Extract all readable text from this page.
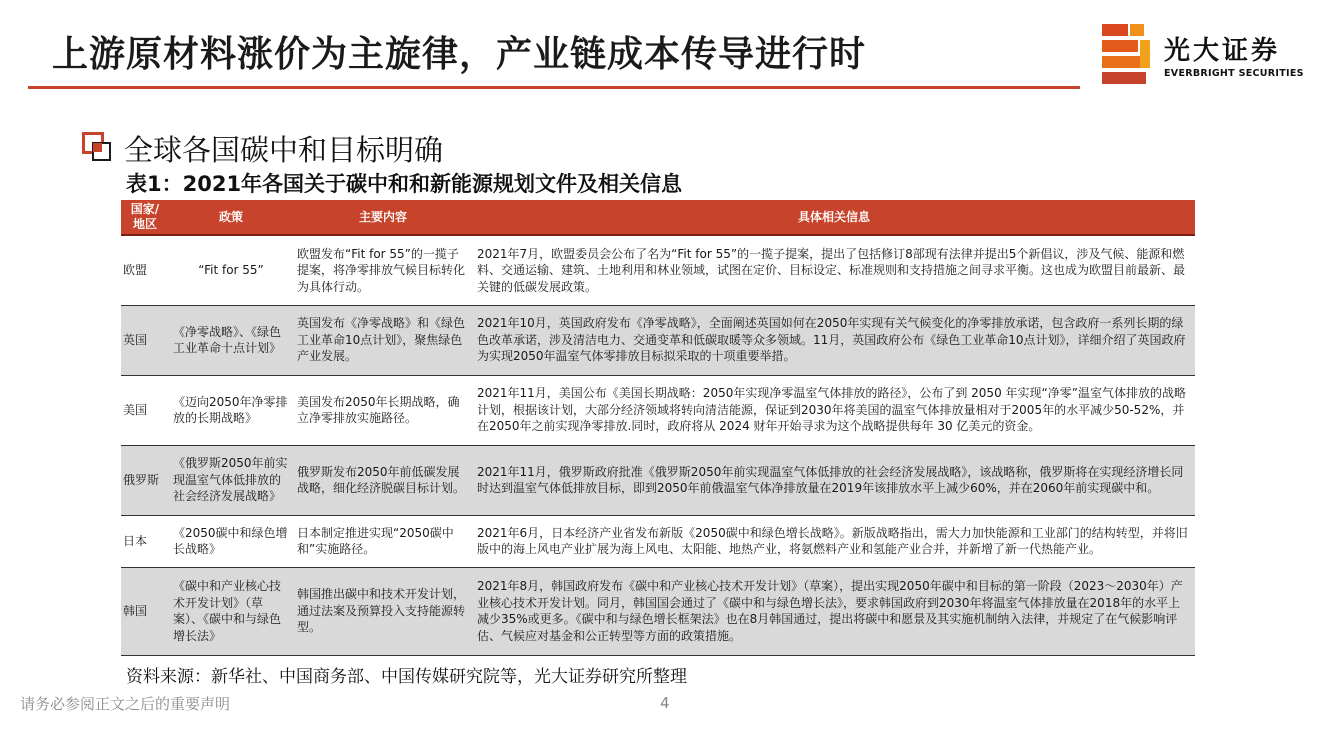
上游原材料涨价为主旋律，产业链成本传导进行时	光大证券
EVERBRIGHT SECURITIES
全球各国碳中和目标明确
表1：2021年各国关于碳中和和新能源规划文件及相关信息
国家/地区	政策	主要内容	具体相关信息
欧盟	“Fit for 55”	欧盟发布“Fit for 55”的一揽子提案，将净零排放气候目标转化为具体行动。	2021年7月，欧盟委员会公布了名为“Fit for 55”的一揽子提案，提出了包括修订8部现有法律并提出5个新倡议，涉及气候、能源和燃料、交通运输、建筑、土地利用和林业领域，试图在定价、目标设定、标准规则和支持措施之间寻求平衡。这也成为欧盟目前最新、最关键的低碳发展政策。
英国	《净零战略》、《绿色工业革命十点计划》	英国发布《净零战略》和《绿色工业革命10点计划》，聚焦绿色产业发展。	2021年10月，英国政府发布《净零战略》，全面阐述英国如何在2050年实现有关气候变化的净零排放承诺，包含政府一系列长期的绿色改革承诺，涉及清洁电力、交通变革和低碳取暖等众多领域。11月，英国政府公布《绿色工业革命10点计划》，详细介绍了英国政府为实现2050年温室气体零排放目标拟采取的十项重要举措。
美国	《迈向2050年净零排放的长期战略》	美国发布2050年长期战略，确立净零排放实施路径。	2021年11月，美国公布《美国长期战略：2050年实现净零温室气体排放的路径》，公布了到 2050 年实现“净零”温室气体排放的战略计划，根据该计划，大部分经济领域将转向清洁能源，保证到2030年将美国的温室气体排放量相对于2005年的水平减少50-52%，并在2050年之前实现净零排放.同时，政府将从 2024 财年开始寻求为这个战略提供每年 30 亿美元的资金。
俄罗斯	《俄罗斯2050年前实现温室气体低排放的社会经济发展战略》	俄罗斯发布2050年前低碳发展战略，细化经济脱碳目标计划。	2021年11月，俄罗斯政府批准《俄罗斯2050年前实现温室气体低排放的社会经济发展战略》，该战略称，俄罗斯将在实现经济增长同时达到温室气体低排放目标，即到2050年前俄温室气体净排放量在2019年该排放水平上减少60%，并在2060年前实现碳中和。
日本	《2050碳中和绿色增长战略》	日本制定推进实现“2050碳中和”实施路径。	2021年6月，日本经济产业省发布新版《2050碳中和绿色增长战略》。新版战略指出，需大力加快能源和工业部门的结构转型，并将旧版中的海上风电产业扩展为海上风电、太阳能、地热产业，将氨燃料产业和氢能产业合并，并新增了新一代热能产业。
韩国	《碳中和产业核心技术开发计划》（草案）、《碳中和与绿色增长法》	韩国推出碳中和技术开发计划，通过法案及预算投入支持能源转型。	2021年8月，韩国政府发布《碳中和产业核心技术开发计划》（草案），提出实现2050年碳中和目标的第一阶段（2023～2030年）产业核心技术开发计划。同月，韩国国会通过了《碳中和与绿色增长法》，要求韩国政府到2030年将温室气体排放量在2018年的水平上减少35%或更多。《碳中和与绿色增长框架法》也在8月韩国通过，提出将碳中和愿景及其实施机制纳入法律，并规定了在气候影响评估、气候应对基金和公正转型等方面的政策措施。
资料来源：新华社、中国商务部、中国传媒研究院等，光大证券研究所整理
请务必参阅正文之后的重要声明	4
